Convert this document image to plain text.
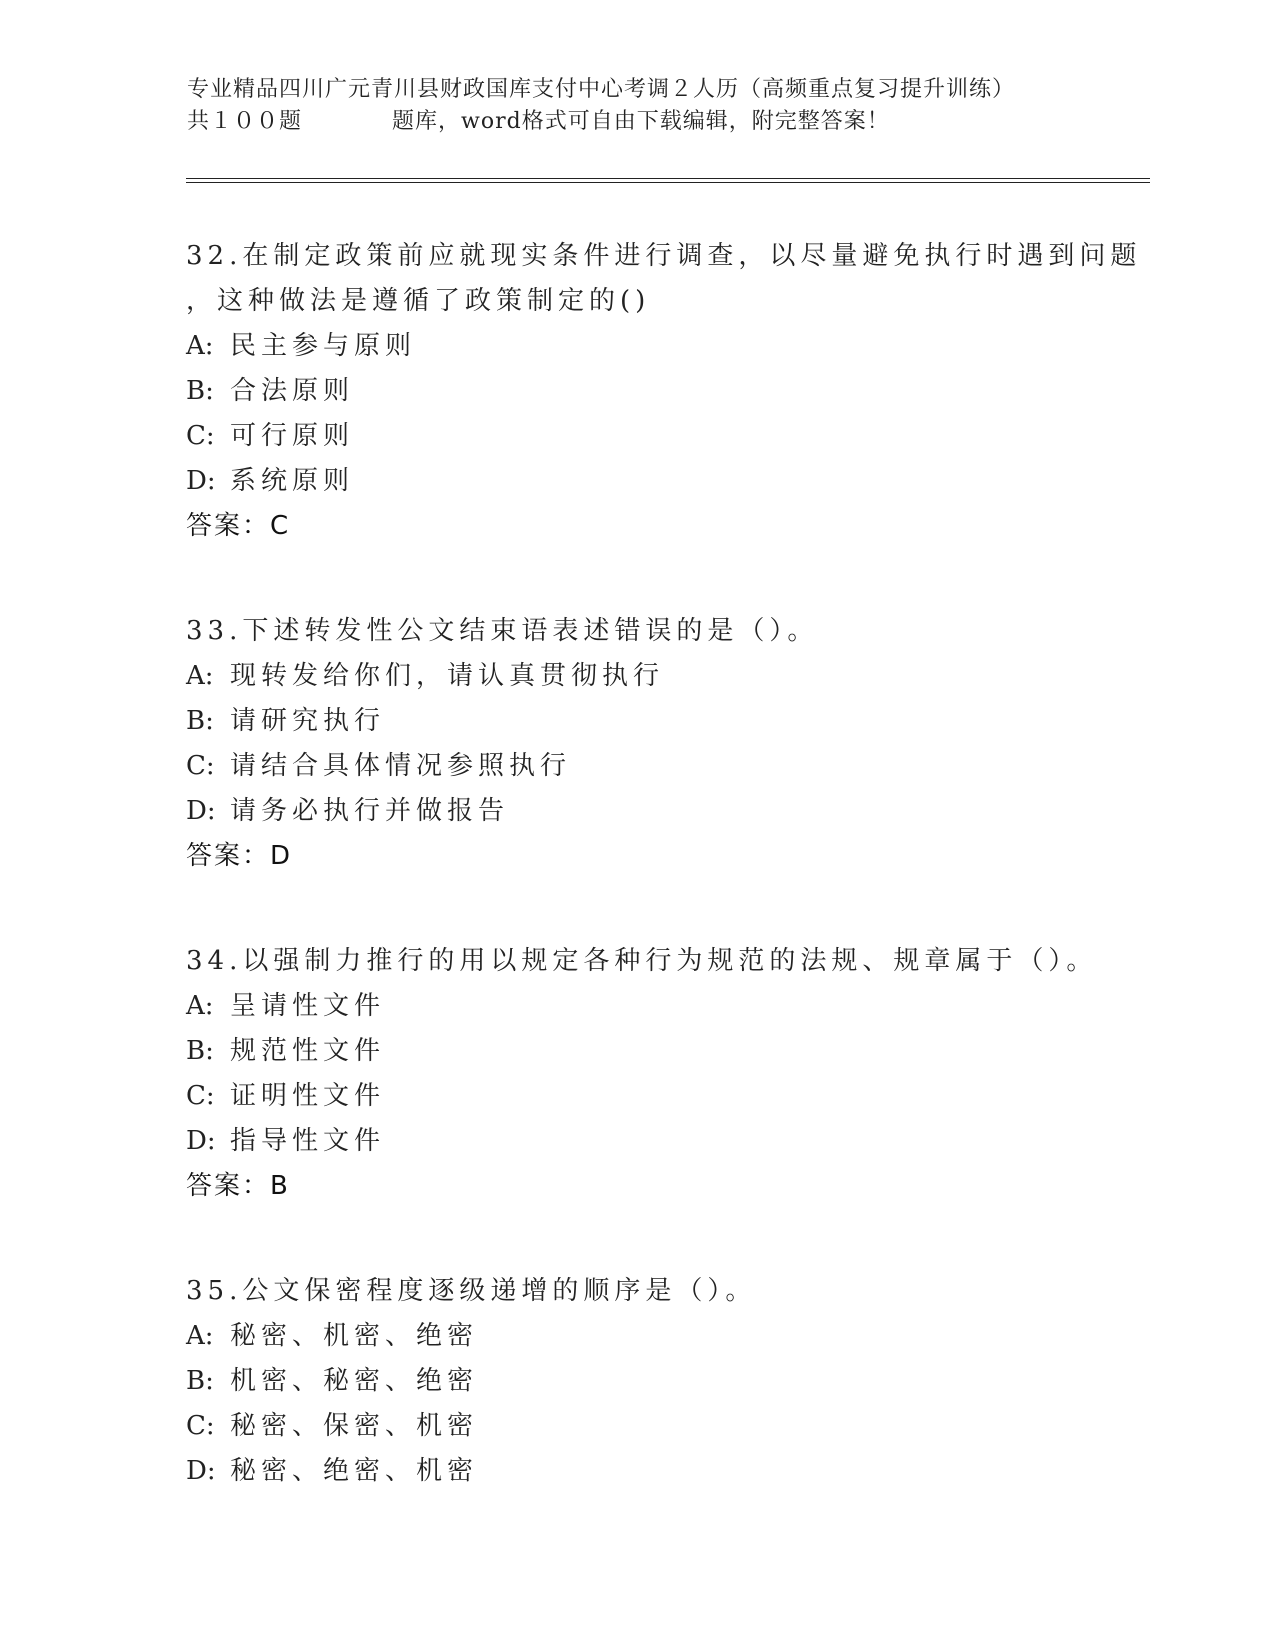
专业精品四川广元青川县财政国库支付中心考调２人历（高频重点复习提升训练）
共１００题	题库，word格式可自由下载编辑，附完整答案！

32.在制定政策前应就现实条件进行调查，以尽量避免执行时遇到问题

，这种做法是遵循了政策制定的()

A: 民主参与原则

B: 合法原则

C: 可行原则

D: 系统原则

答案：C

33.下述转发性公文结束语表述错误的是（）。

A: 现转发给你们，请认真贯彻执行

B: 请研究执行

C: 请结合具体情况参照执行

D: 请务必执行并做报告

答案：D

34.以强制力推行的用以规定各种行为规范的法规、规章属于（）。

A: 呈请性文件

B: 规范性文件

C: 证明性文件

D: 指导性文件

答案：B

35.公文保密程度逐级递增的顺序是（）。

A: 秘密、机密、绝密

B: 机密、秘密、绝密

C: 秘密、保密、机密

D: 秘密、绝密、机密
